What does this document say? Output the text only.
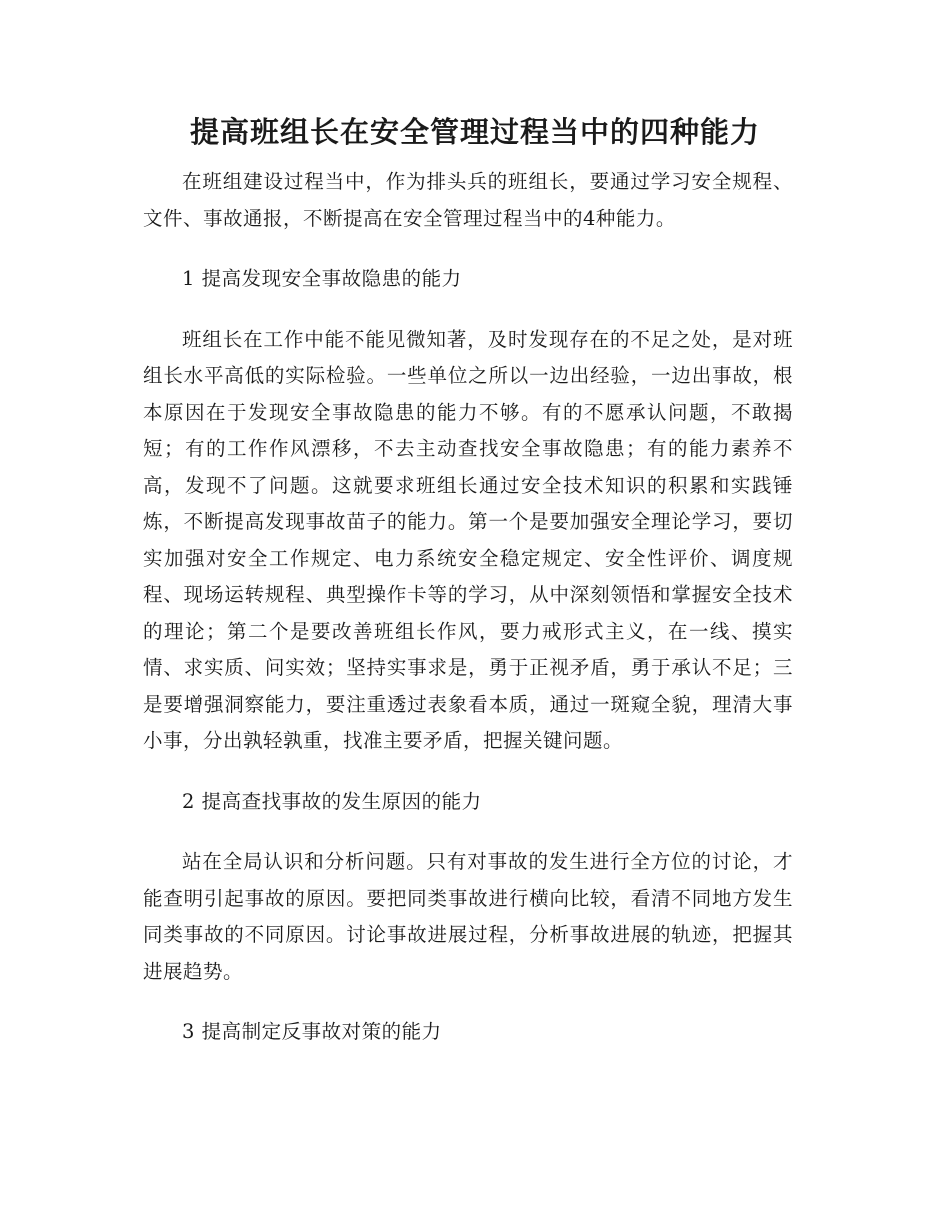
提高班组长在安全管理过程当中的四种能力

在班组建设过程当中，作为排头兵的班组长，要通过学习安全规程、文件、事故通报，不断提高在安全管理过程当中的4种能力。

1 提高发现安全事故隐患的能力

班组长在工作中能不能见微知著，及时发现存在的不足之处，是对班组长水平高低的实际检验。一些单位之所以一边出经验，一边出事故，根本原因在于发现安全事故隐患的能力不够。有的不愿承认问题，不敢揭短；有的工作作风漂移，不去主动查找安全事故隐患；有的能力素养不高，发现不了问题。这就要求班组长通过安全技术知识的积累和实践锤炼，不断提高发现事故苗子的能力。第一个是要加强安全理论学习，要切实加强对安全工作规定、电力系统安全稳定规定、安全性评价、调度规程、现场运转规程、典型操作卡等的学习，从中深刻领悟和掌握安全技术的理论；第二个是要改善班组长作风，要力戒形式主义，在一线、摸实情、求实质、问实效；坚持实事求是，勇于正视矛盾，勇于承认不足；三是要增强洞察能力，要注重透过表象看本质，通过一斑窥全貌，理清大事小事，分出孰轻孰重，找准主要矛盾，把握关键问题。

2 提高查找事故的发生原因的能力

站在全局认识和分析问题。只有对事故的发生进行全方位的讨论，才能查明引起事故的原因。要把同类事故进行横向比较，看清不同地方发生同类事故的不同原因。讨论事故进展过程，分析事故进展的轨迹，把握其进展趋势。

3 提高制定反事故对策的能力
